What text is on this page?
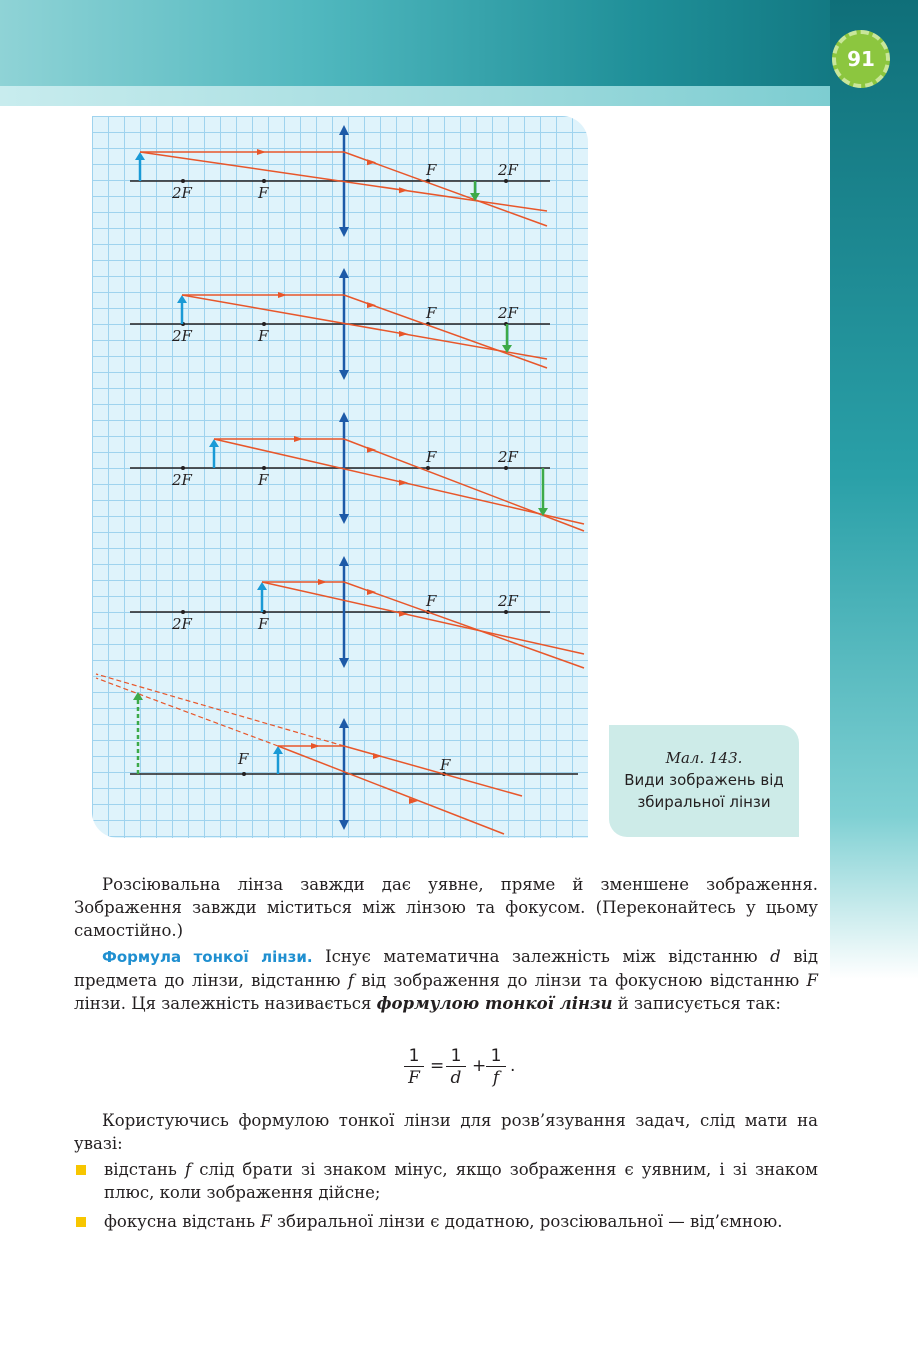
91
2F	F
F	2F
2F	F
F	2F
2F	F
F	2F
2F	F
F	2F
F	F	Мал. 143.
Види зображень від збиральної лінзи

Розсіювальна лінза завжди дає уявне, пряме й зменшене зображення. Зображення завжди міститься між лінзою та фокусом. (Переконайтесь у цьому самостійно.)

Формула тонкої лінзи. Існує математична залежність між відстанню d від предмета до лінзи, відстанню f від зображення до лінзи та фокусною відстанню F лінзи. Ця залежність називається формулою тонкої лінзи й записується так:

$\frac{1}{F} = \frac{1}{d} + \frac{1}{f}$ .

Користуючись формулою тонкої лінзи для розв’язування задач, слід мати на увазі:

відстань f слід брати зі знаком мінус, якщо зображення є уявним, і зі знаком плюс, коли зображення дійсне;

фокусна відстань F збиральної лінзи є додатною, розсіювальної — від’ємною.
